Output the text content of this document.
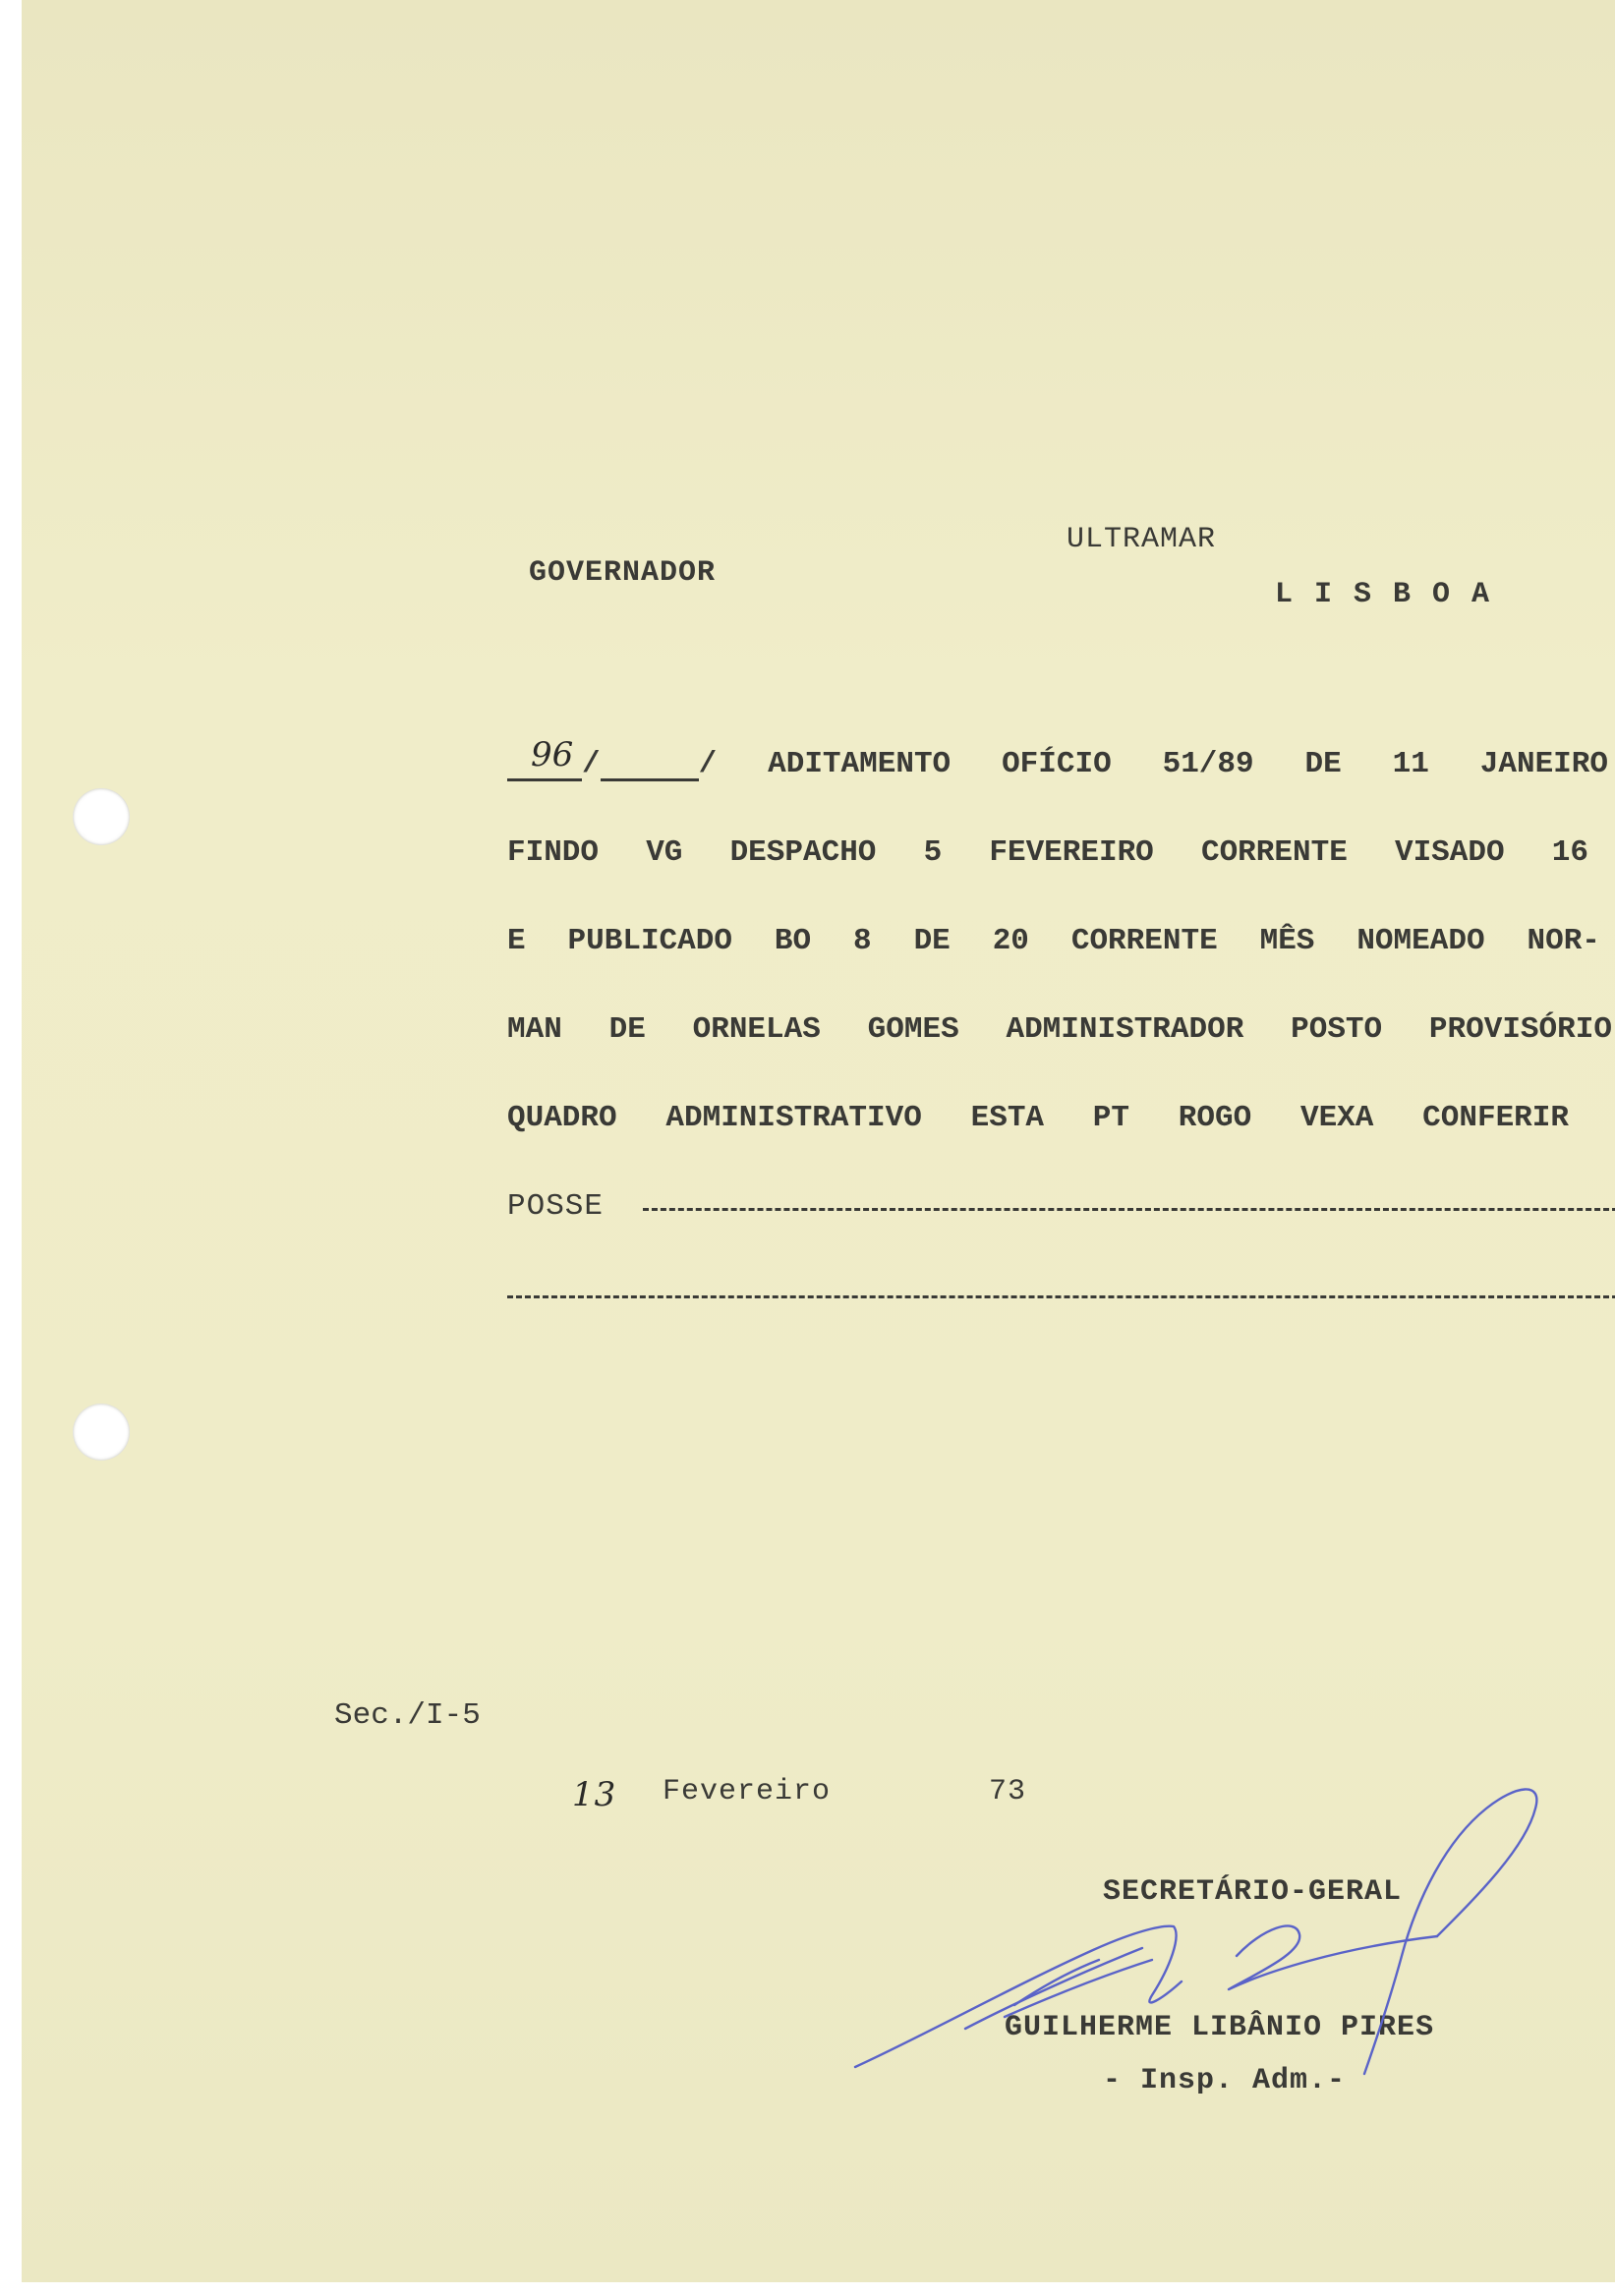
ULTRAMAR
GOVERNADOR
L I S B O A
96 /	/ ADITAMENTO OFÍCIO 51/89 DE 11 JANEIRO
FINDO VG DESPACHO 5 FEVEREIRO CORRENTE VISADO 16
E PUBLICADO BO 8 DE 20 CORRENTE MÊS NOMEADO NOR-
MAN DE ORNELAS GOMES ADMINISTRADOR POSTO PROVISÓRIO
QUADRO ADMINISTRATIVO ESTA PT ROGO VEXA CONFERIR
POSSE
Sec./I-5
13 Fevereiro	73
SECRETÁRIO-GERAL
GUILHERME LIBÂNIO PIRES
- Insp. Adm.-
